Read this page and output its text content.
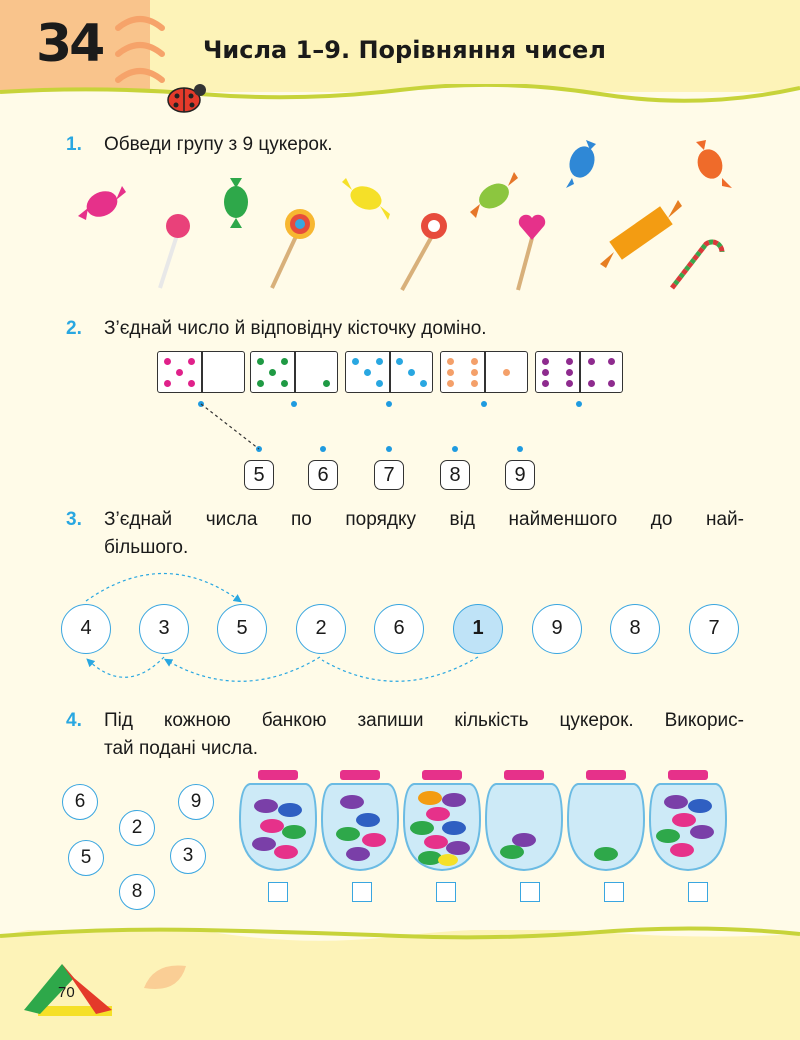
34	Числа 1–9. Порівняння чисел
1. Обведи групу з 9 цукерок.
2. З’єднай число й відповідну кісточку доміно.
5	6	7	8	9
3. З’єднай числа по порядку від найменшого до най-
більшого.
4	3	5	2	6	1	9	8	7
4. Під кожною банкою запиши кількість цукерок. Викорис-
тай подані числа.
6	9
2
5	3
8
70
